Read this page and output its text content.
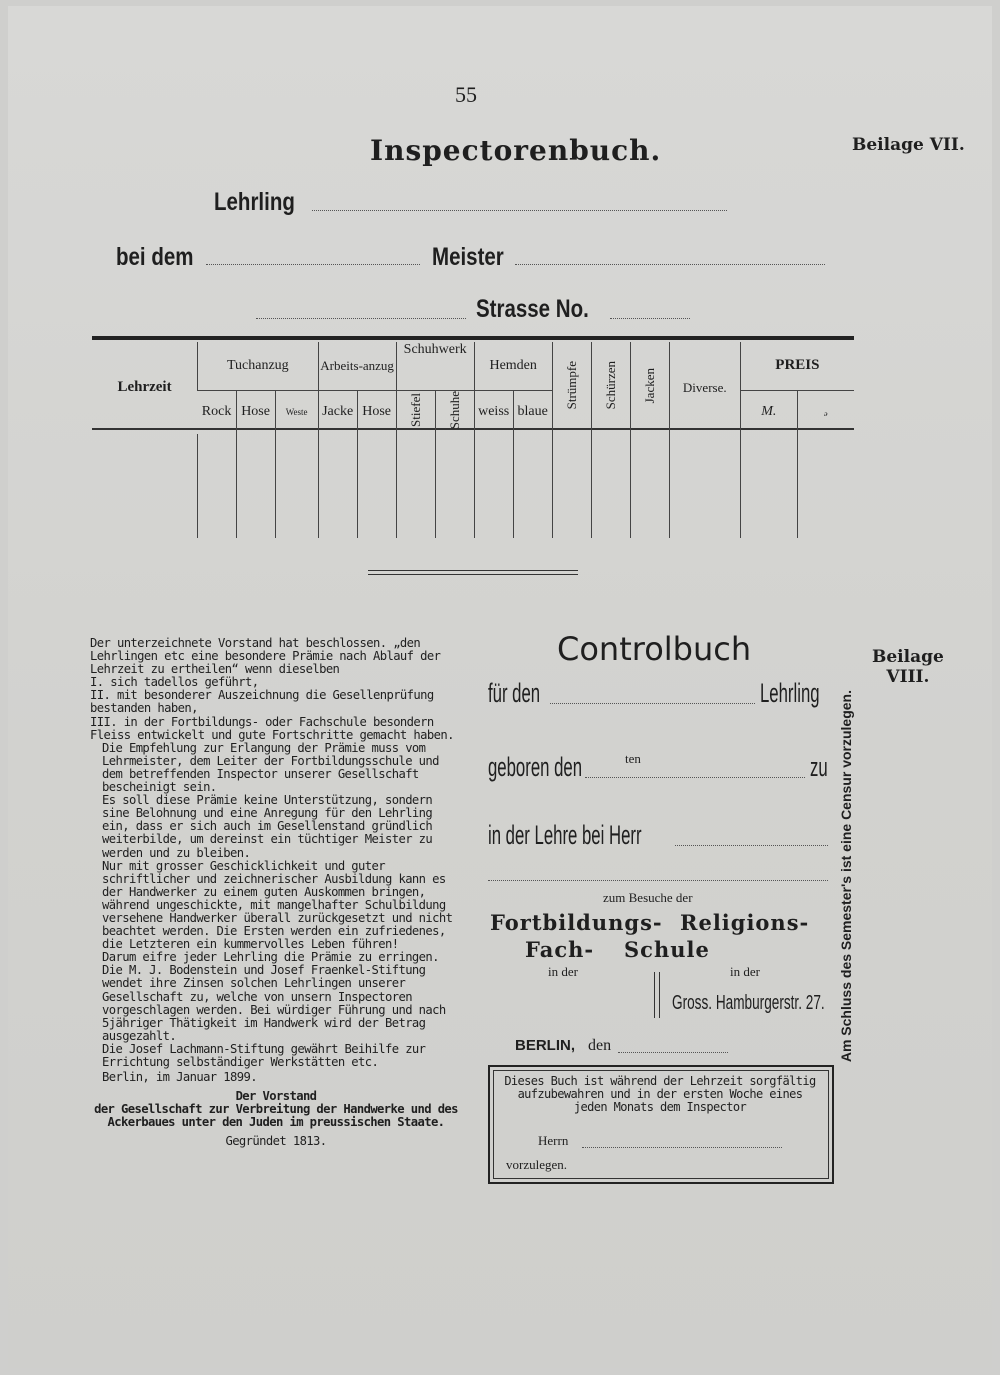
55
Inspectorenbuch.	Beilage VII.
Lehrling
bei dem	Meister
Strasse No.
Lehrzeit	Tuchanzug			Arbeits-anzug		Schuhwerk		Hemden		Strümpfe	Schürzen	Jacken	Diverse.	PREIS	
	Rock	Hose	Weste	Jacke	Hose	Stiefel	Schuhe	weiss	blaue					M.	ₔ

Der unterzeichnete Vorstand hat beschlossen. „den Lehrlingen etc eine besondere Prämie nach Ablauf der Lehrzeit zu ertheilen“ wenn dieselben

I. sich tadellos geführt,

II. mit besonderer Auszeichnung die Gesellenprüfung bestanden haben,

III. in der Fortbildungs- oder Fachschule besondern Fleiss entwickelt und gute Fortschritte gemacht haben.

Die Empfehlung zur Erlangung der Prämie muss vom Lehrmeister, dem Leiter der Fortbildungsschule und dem betreffenden Inspector unserer Gesellschaft bescheinigt sein.

Es soll diese Prämie keine Unterstützung, sondern sine Belohnung und eine Anregung für den Lehrling ein, dass er sich auch im Gesellenstand gründlich weiterbilde, um dereinst ein tüchtiger Meister zu werden und zu bleiben.

Nur mit grosser Geschicklichkeit und guter schriftlicher und zeichnerischer Ausbildung kann es der Handwerker zu einem guten Auskommen bringen, während ungeschickte, mit mangelhafter Schulbildung versehene Handwerker überall zurückgesetzt und nicht beachtet werden. Die Ersten werden ein zufriedenes, die Letzteren ein kummervolles Leben führen!

Darum eifre jeder Lehrling die Prämie zu erringen.

Die M. J. Bodenstein und Josef Fraenkel-Stiftung wendet ihre Zinsen solchen Lehrlingen unserer Gesellschaft zu, welche von unsern Inspectoren vorgeschlagen werden. Bei würdiger Führung und nach 5jähriger Thätigkeit im Handwerk wird der Betrag ausgezahlt.

Die Josef Lachmann-Stiftung gewährt Beihilfe zur Errichtung selbständiger Werkstätten etc.

Berlin, im Januar 1899.

Der Vorstand

der Gesellschaft zur Verbreitung der Handwerke und des Ackerbaues unter den Juden im preussischen Staate.

Gegründet 1813.

Controlbuch
für den	Lehrling
geboren den	ten	zu
in der Lehre bei Herr
zum Besuche der
Fortbildungs- Religions-
Fach- Schule
in der	in der
Gross. Hamburgerstr. 27.
BERLIN, den
Dieses Buch ist während der Lehrzeit sorgfältig aufzubewahren und in der ersten Woche eines jeden Monats dem Inspector
Herrn
vorzulegen.
Am Schluss des Semester's ist eine Censur vorzulegen.
Beilage
VIII.
